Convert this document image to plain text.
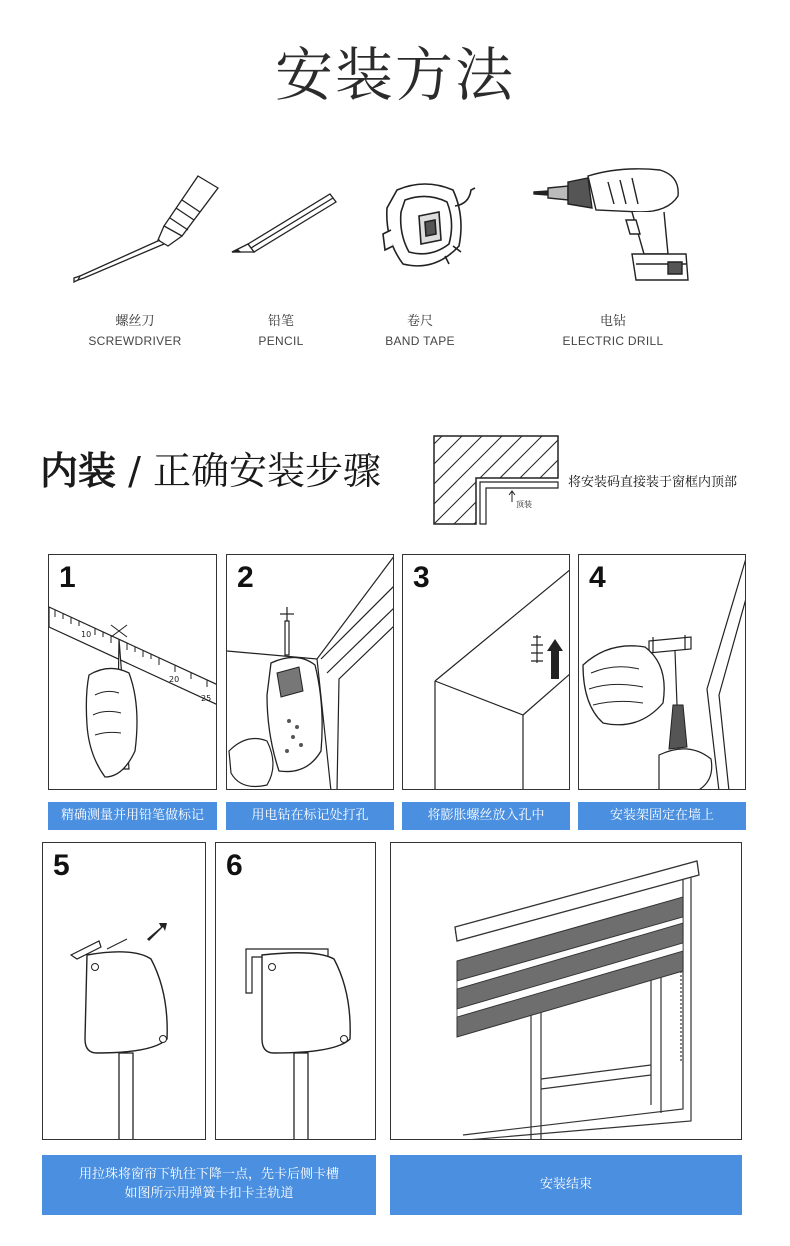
安装方法
螺丝刀
SCREWDRIVER
铅笔
PENCIL
卷尺
BAND TAPE
电钻
ELECTRIC DRILL
内装 / 正确安装步骤	将安装码直接装于窗框内顶部
顶装
1
10
20
25
精确测量并用铅笔做标记
2
用电钻在标记处打孔
3
将膨胀螺丝放入孔中
4
安装架固定在墙上
5
用拉珠将窗帘下轨往下降一点，先卡后侧卡槽
如图所示用弹簧卡扣卡主轨道
6
安装结束
